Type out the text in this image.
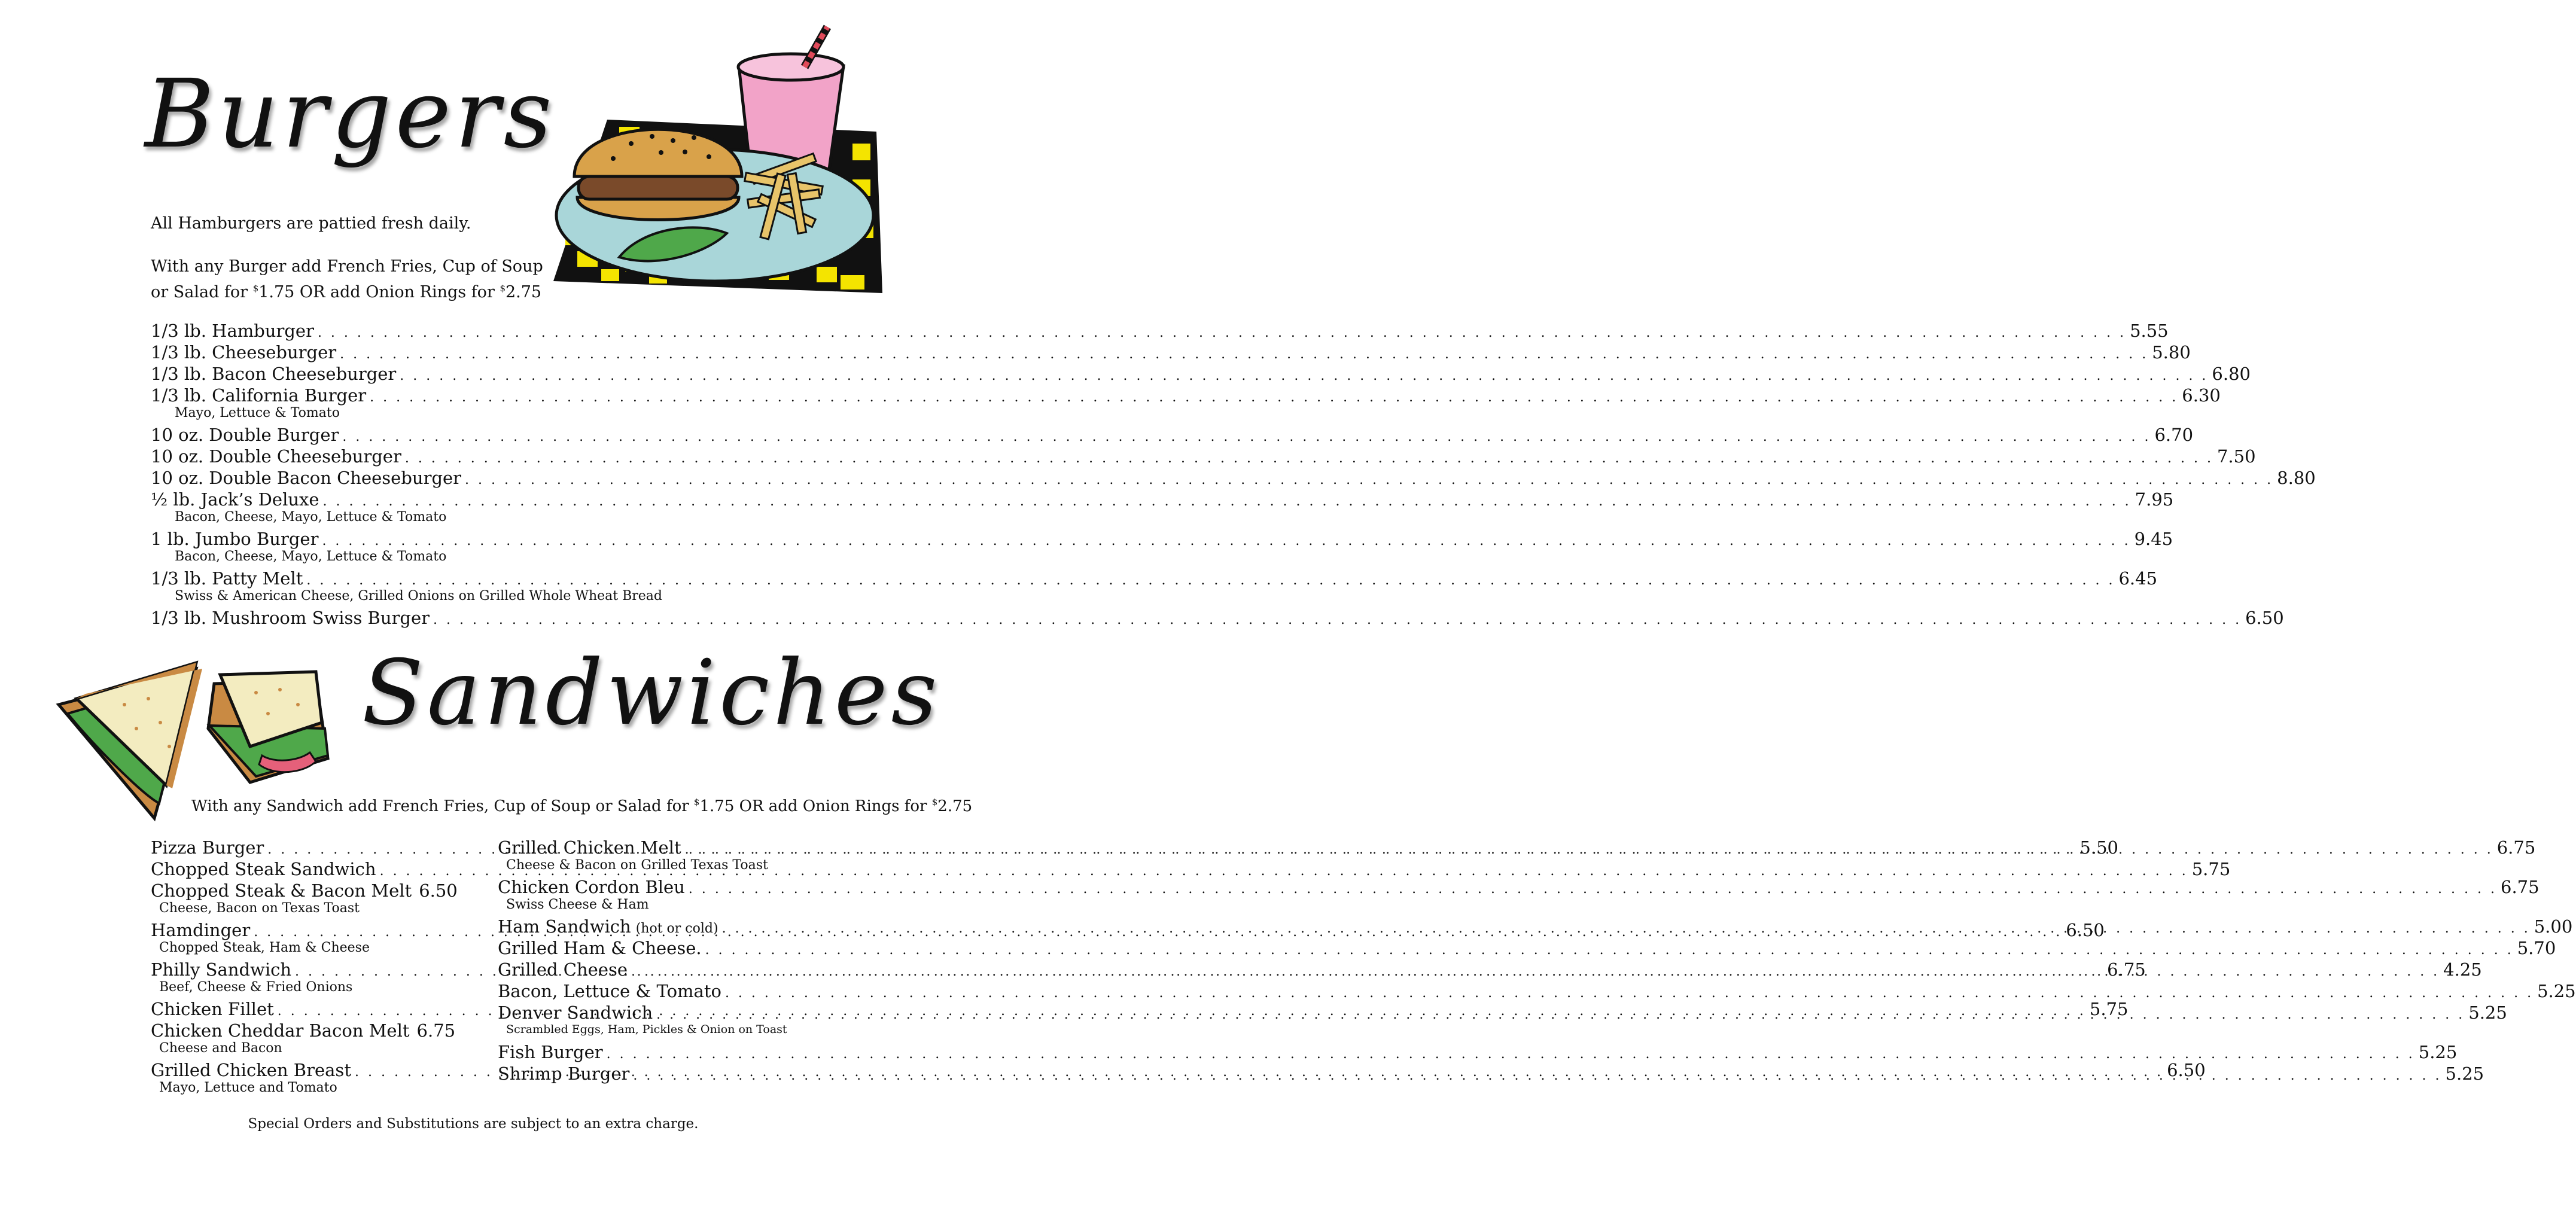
Burgers
All Hamburgers are pattied fresh daily.
With any Burger add French Fries, Cup of Soup
or Salad for $1.75 OR add Onion Rings for $2.75
1/3 lb. Hamburger . . .	5.55
1/3 lb. Cheeseburger . . .	5.80
1/3 lb. Bacon Cheeseburger . . .	6.80
1/3 lb. California Burger . . .	6.30
Mayo, Lettuce & Tomato
10 oz. Double Burger . . .	6.70
10 oz. Double Cheeseburger . . .	7.50
10 oz. Double Bacon Cheeseburger . . .	8.80
½ lb. Jack’s Deluxe . . .	7.95
Bacon, Cheese, Mayo, Lettuce & Tomato
1 lb. Jumbo Burger . . .	9.45
Bacon, Cheese, Mayo, Lettuce & Tomato
1/3 lb. Patty Melt . . .	6.45
Swiss & American Cheese, Grilled Onions on Grilled Whole Wheat Bread
1/3 lb. Mushroom Swiss Burger . . .	6.50
Sandwiches
With any Sandwich add French Fries, Cup of Soup or Salad for $1.75 OR add Onion Rings for $2.75
Pizza Burger . . .	5.50
Chopped Steak Sandwich . . .	5.75
Chopped Steak & Bacon Melt 6.50
Cheese, Bacon on Texas Toast
Hamdinger . . .	6.50
Chopped Steak, Ham & Cheese
Philly Sandwich . . .	6.75
Beef, Cheese & Fried Onions
Chicken Fillet . . .	5.75
Chicken Cheddar Bacon Melt 6.75
Cheese and Bacon
Grilled Chicken Breast . . .	6.50
Mayo, Lettuce and Tomato
Grilled Chicken Melt . . .	6.75
Cheese & Bacon on Grilled Texas Toast
Chicken Cordon Bleu . . .	6.75
Swiss Cheese & Ham
Ham Sandwich (hot or cold) . . .	5.00
Grilled Ham & Cheese. . . .	5.70
Grilled Cheese . . .	4.25
Bacon, Lettuce & Tomato . . .	5.25
Denver Sandwich . . .	5.25
Scrambled Eggs, Ham, Pickles & Onion on Toast
Fish Burger . . .	5.25
Shrimp Burger . . .	5.25
Special Orders and Substitutions are subject to an extra charge.
